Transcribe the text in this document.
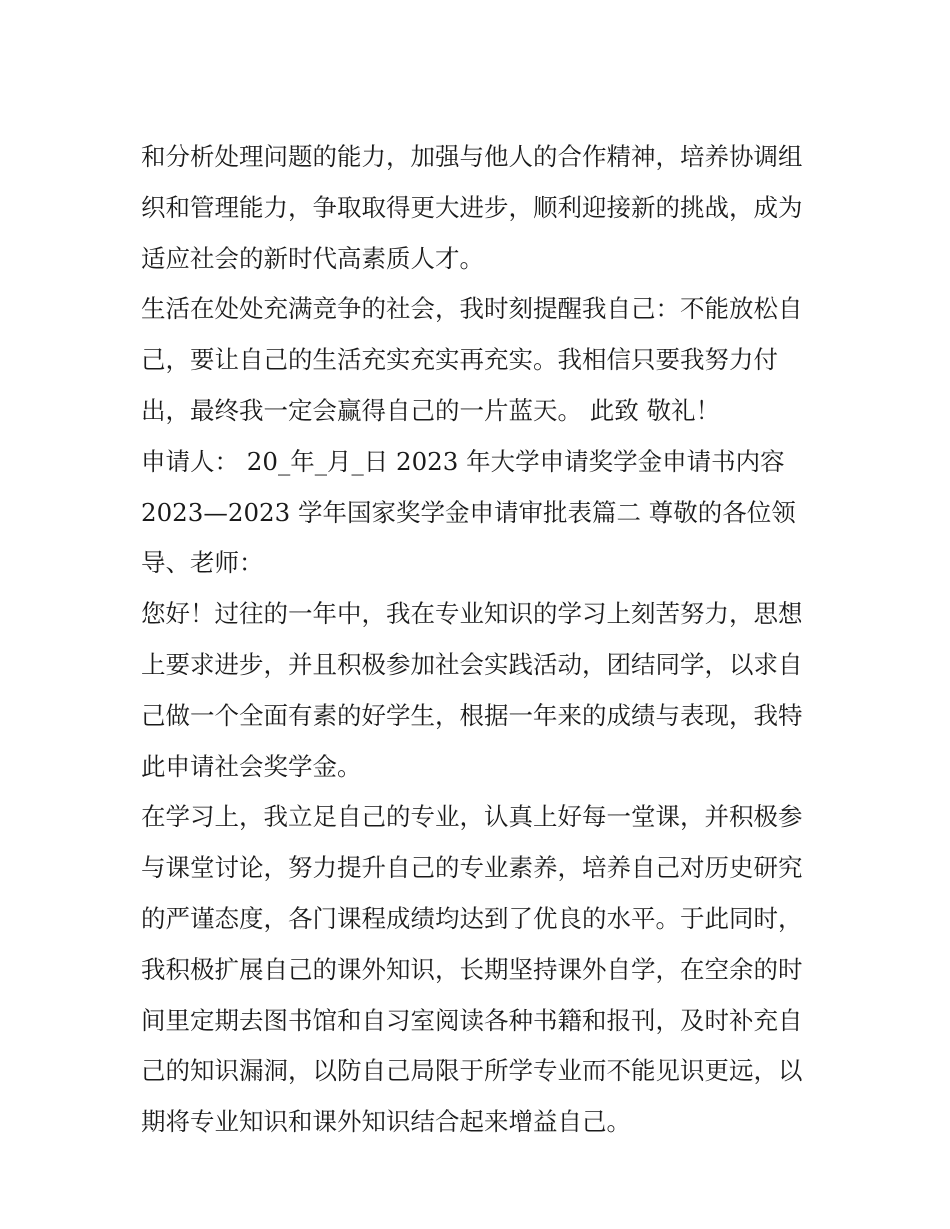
和分析处理问题的能力，加强与他人的合作精神，培养协调组
织和管理能力，争取取得更大进步，顺利迎接新的挑战，成为
适应社会的新时代高素质人才。
生活在处处充满竞争的社会，我时刻提醒我自己：不能放松自
己，要让自己的生活充实充实再充实。我相信只要我努力付
出，最终我一定会赢得自己的一片蓝天。 此致 敬礼！
申请人： 20_年_月_日 2023 年大学申请奖学金申请书内容
2023—2023 学年国家奖学金申请审批表篇二 尊敬的各位领
导、老师：
您好！过往的一年中，我在专业知识的学习上刻苦努力，思想
上要求进步，并且积极参加社会实践活动，团结同学，以求自
己做一个全面有素的好学生，根据一年来的成绩与表现，我特
此申请社会奖学金。
在学习上，我立足自己的专业，认真上好每一堂课，并积极参
与课堂讨论，努力提升自己的专业素养，培养自己对历史研究
的严谨态度，各门课程成绩均达到了优良的水平。于此同时，
我积极扩展自己的课外知识，长期坚持课外自学，在空余的时
间里定期去图书馆和自习室阅读各种书籍和报刊，及时补充自
己的知识漏洞，以防自己局限于所学专业而不能见识更远，以
期将专业知识和课外知识结合起来增益自己。
